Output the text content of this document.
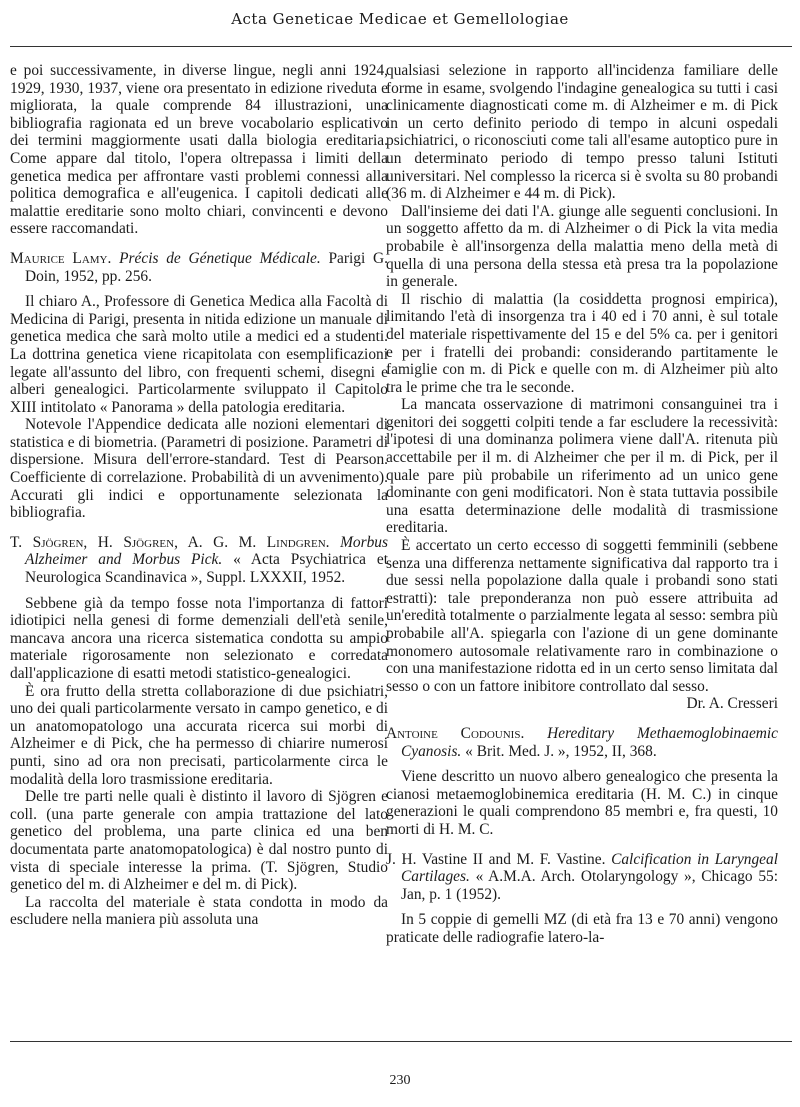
Acta Geneticae Medicae et Gemellologiae

e poi successivamente, in diverse lingue, negli anni 1924, 1929, 1930, 1937, viene ora presentato in edizione riveduta e migliorata, la quale comprende 84 illustrazioni, una bibliografia ragionata ed un breve vocabolario esplicativo dei termini maggiormente usati dalla biologia ereditaria. Come appare dal titolo, l'opera oltrepassa i limiti della genetica medica per affrontare vasti problemi connessi alla politica demografica e all'eugenica. I capitoli dedicati alle malattie ereditarie sono molto chiari, convincenti e devono essere raccomandati.

Maurice Lamy. Précis de Génetique Médicale. Parigi G. Doin, 1952, pp. 256.

Il chiaro A., Professore di Genetica Medica alla Facoltà di Medicina di Parigi, presenta in nitida edizione un manuale di genetica medica che sarà molto utile a medici ed a studenti. La dottrina genetica viene ricapitolata con esemplificazioni legate all'assunto del libro, con frequenti schemi, disegni e alberi genealogici. Particolarmente sviluppato il Capitolo XIII intitolato « Panorama » della patologia ereditaria.

Notevole l'Appendice dedicata alle nozioni elementari di statistica e di biometria. (Parametri di posizione. Parametri di dispersione. Misura dell'errore-standard. Test di Pearson. Coefficiente di correlazione. Probabilità di un avvenimento). Accurati gli indici e opportunamente selezionata la bibliografia.

T. Sjögren, H. Sjögren, A. G. M. Lindgren. Morbus Alzheimer and Morbus Pick. « Acta Psychiatrica et Neurologica Scandinavica », Suppl. LXXXII, 1952.

Sebbene già da tempo fosse nota l'importanza di fattori idiotipici nella genesi di forme demenziali dell'età senile, mancava ancora una ricerca sistematica condotta su ampio materiale rigorosamente non selezionato e corredata dall'applicazione di esatti metodi statistico-genealogici.

È ora frutto della stretta collaborazione di due psichiatri, uno dei quali particolarmente versato in campo genetico, e di un anatomopatologo una accurata ricerca sui morbi di Alzheimer e di Pick, che ha permesso di chiarire numerosi punti, sino ad ora non precisati, particolarmente circa le modalità della loro trasmissione ereditaria.

Delle tre parti nelle quali è distinto il lavoro di Sjögren e coll. (una parte generale con ampia trattazione del lato genetico del problema, una parte clinica ed una ben documentata parte anatomopatologica) è dal nostro punto di vista di speciale interesse la prima. (T. Sjögren, Studio genetico del m. di Alzheimer e del m. di Pick).

La raccolta del materiale è stata condotta in modo da escludere nella maniera più assoluta una

qualsiasi selezione in rapporto all'incidenza familiare delle forme in esame, svolgendo l'indagine genealogica su tutti i casi clinicamente diagnosticati come m. di Alzheimer e m. di Pick in un certo definito periodo di tempo in alcuni ospedali psichiatrici, o riconosciuti come tali all'esame autoptico pure in un determinato periodo di tempo presso taluni Istituti universitari. Nel complesso la ricerca si è svolta su 80 probandi (36 m. di Alzheimer e 44 m. di Pick).

Dall'insieme dei dati l'A. giunge alle seguenti conclusioni. In un soggetto affetto da m. di Alzheimer o di Pick la vita media probabile è all'insorgenza della malattia meno della metà di quella di una persona della stessa età presa tra la popolazione in generale.

Il rischio di malattia (la cosiddetta prognosi empirica), limitando l'età di insorgenza tra i 40 ed i 70 anni, è sul totale del materiale rispettivamente del 15 e del 5% ca. per i genitori e per i fratelli dei probandi: considerando partitamente le famiglie con m. di Pick e quelle con m. di Alzheimer più alto tra le prime che tra le seconde.

La mancata osservazione di matrimoni consanguinei tra i genitori dei soggetti colpiti tende a far escludere la recessività: l'ipotesi di una dominanza polimera viene dall'A. ritenuta più accettabile per il m. di Alzheimer che per il m. di Pick, per il quale pare più probabile un riferimento ad un unico gene dominante con geni modificatori. Non è stata tuttavia possibile una esatta determinazione delle modalità di trasmissione ereditaria.

È accertato un certo eccesso di soggetti femminili (sebbene senza una differenza nettamente significativa dal rapporto tra i due sessi nella popolazione dalla quale i probandi sono stati estratti): tale preponderanza non può essere attribuita ad un'eredità totalmente o parzialmente legata al sesso: sembra più probabile all'A. spiegarla con l'azione di un gene dominante monomero autosomale relativamente raro in combinazione o con una manifestazione ridotta ed in un certo senso limitata dal sesso o con un fattore inibitore controllato dal sesso.

Dr. A. Cresseri

Antoine Codounis. Hereditary Methaemoglobinaemic Cyanosis. « Brit. Med. J. », 1952, II, 368.

Viene descritto un nuovo albero genealogico che presenta la cianosi metaemoglobinemica ereditaria (H. M. C.) in cinque generazioni le quali comprendono 85 membri e, fra questi, 10 morti di H. M. C.

J. H. Vastine II and M. F. Vastine. Calcification in Laryngeal Cartilages. « A.M.A. Arch. Otolaryngology », Chicago 55: Jan, p. 1 (1952).

In 5 coppie di gemelli MZ (di età fra 13 e 70 anni) vengono praticate delle radiografie latero-la-

230
